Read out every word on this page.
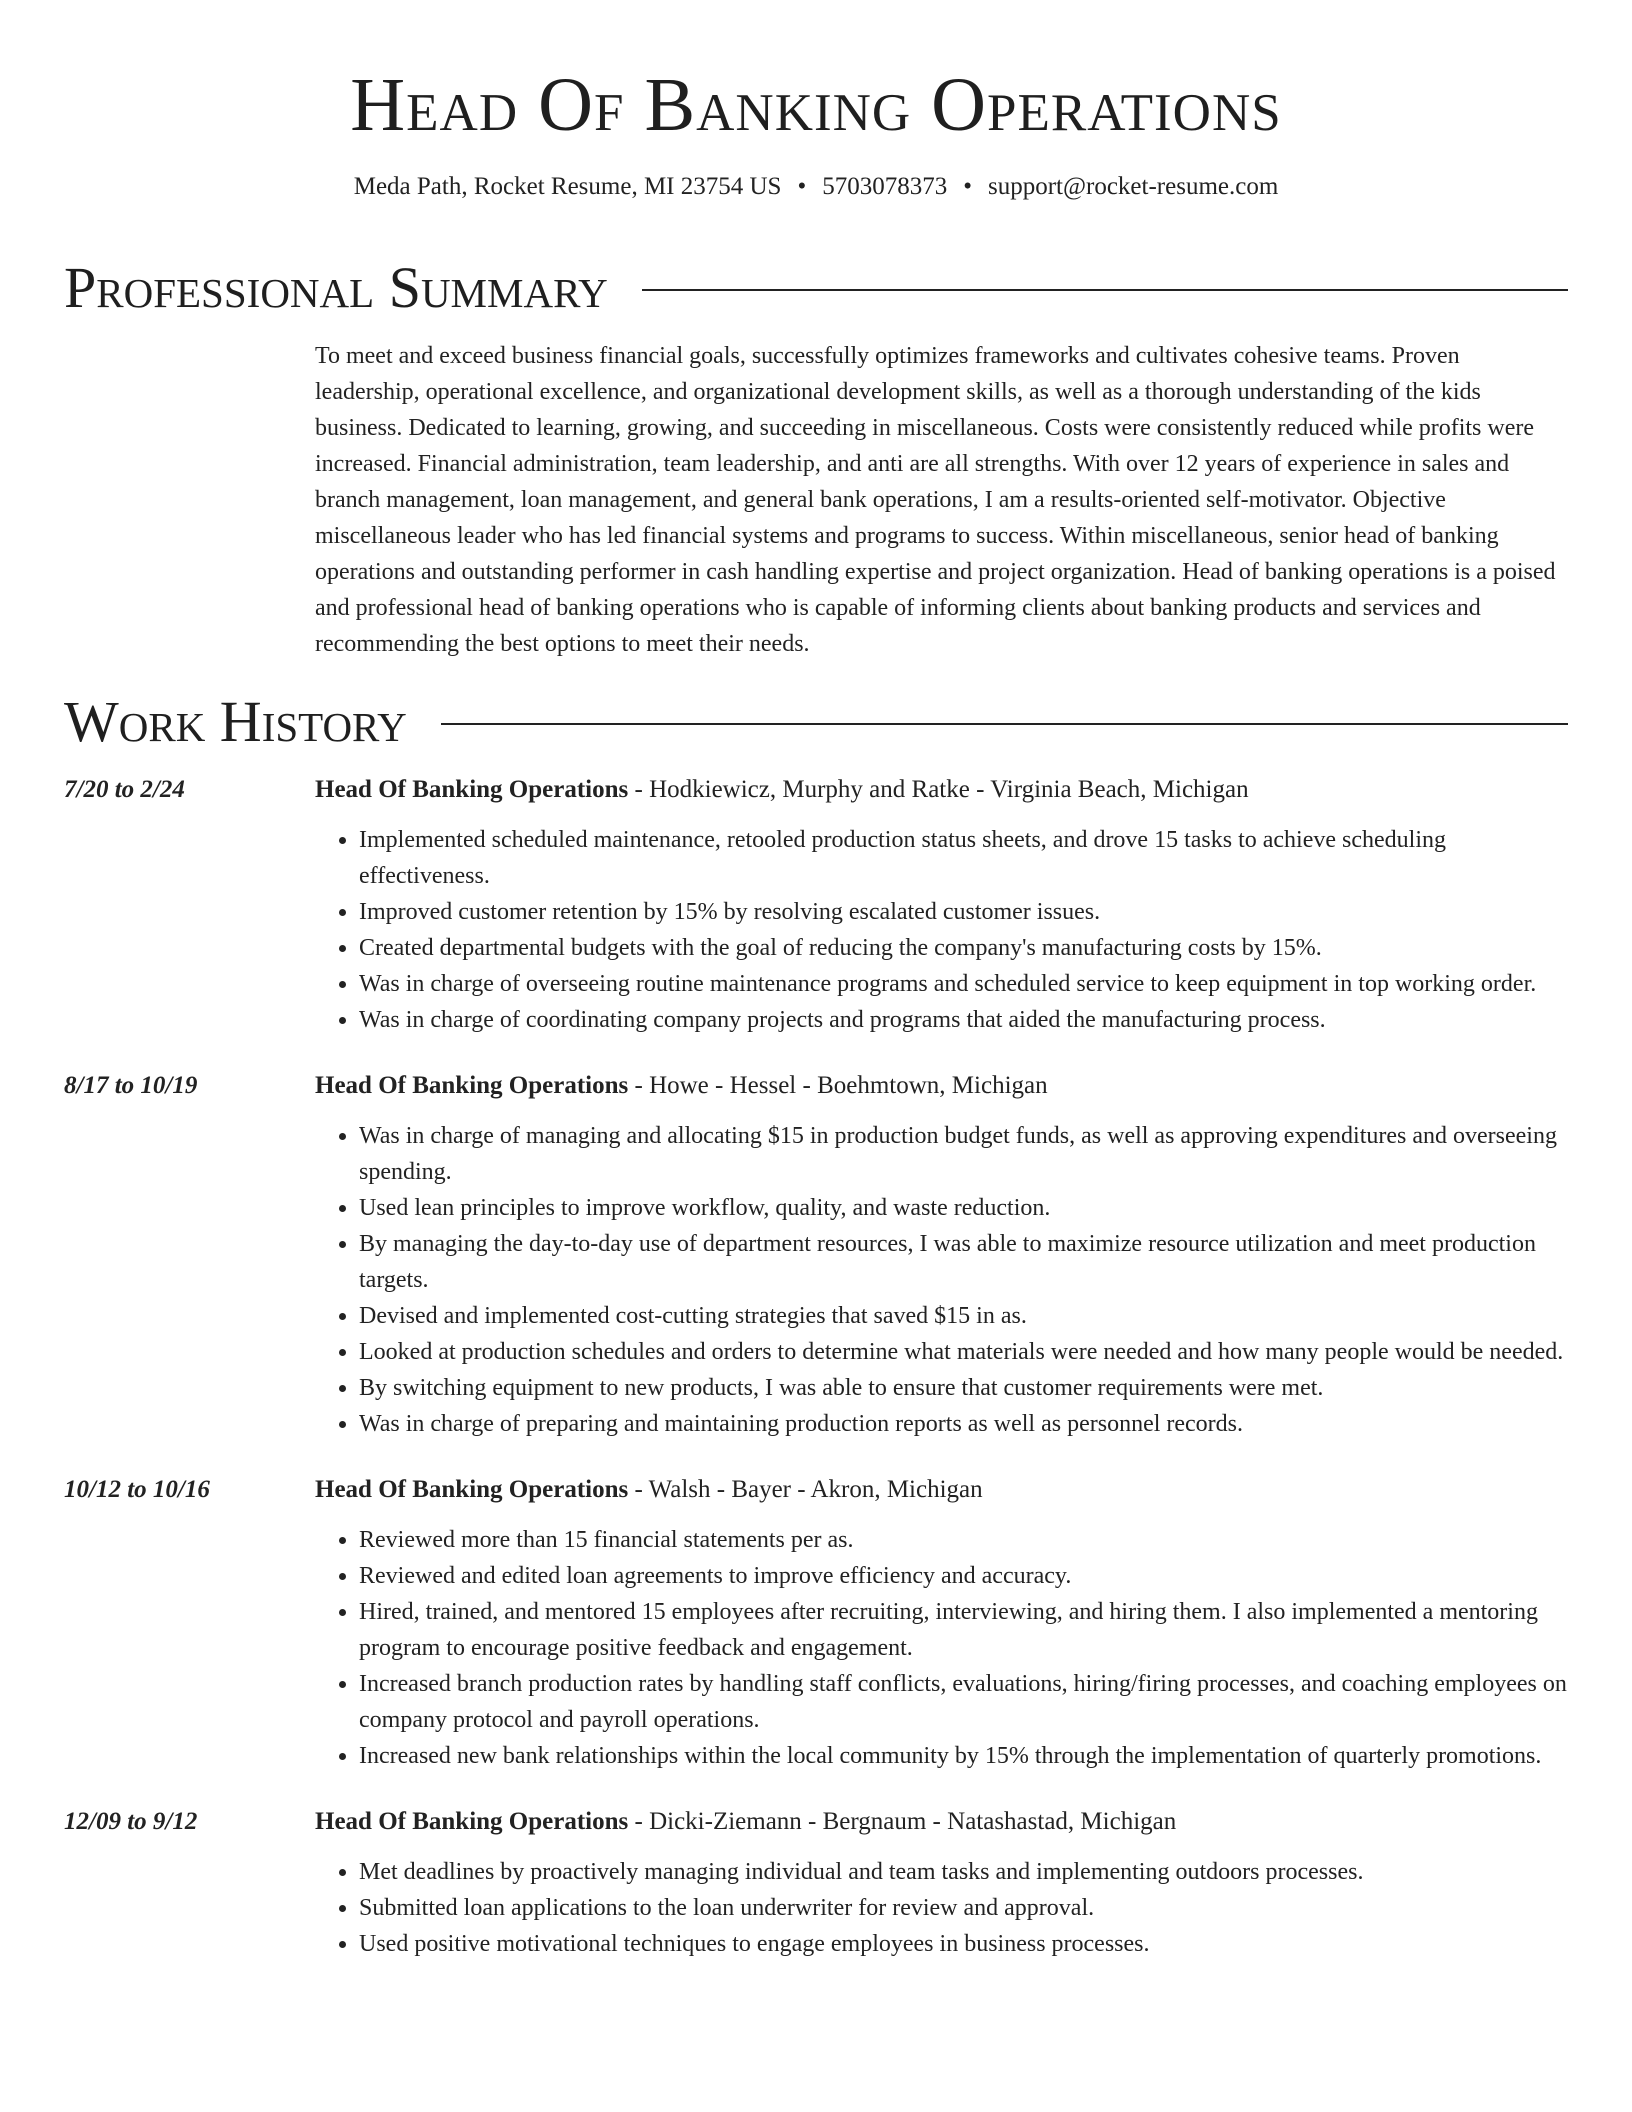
Head Of Banking Operations
Meda Path, Rocket Resume, MI 23754 US • 5703078373 • support@rocket-resume.com
Professional Summary

To meet and exceed business financial goals, successfully optimizes frameworks and cultivates cohesive teams. Proven leadership, operational excellence, and organizational development skills, as well as a thorough understanding of the kids business. Dedicated to learning, growing, and succeeding in miscellaneous. Costs were consistently reduced while profits were increased. Financial administration, team leadership, and anti are all strengths. With over 12 years of experience in sales and branch management, loan management, and general bank operations, I am a results-oriented self-motivator. Objective miscellaneous leader who has led financial systems and programs to success. Within miscellaneous, senior head of banking operations and outstanding performer in cash handling expertise and project organization. Head of banking operations is a poised and professional head of banking operations who is capable of informing clients about banking products and services and recommending the best options to meet their needs.

Work History
7/20 to 2/24	Head Of Banking Operations - Hodkiewicz, Murphy and Ratke - Virginia Beach, Michigan
• Implemented scheduled maintenance, retooled production status sheets, and drove 15 tasks to achieve scheduling effectiveness.
• Improved customer retention by 15% by resolving escalated customer issues.
• Created departmental budgets with the goal of reducing the company's manufacturing costs by 15%.
• Was in charge of overseeing routine maintenance programs and scheduled service to keep equipment in top working order.
• Was in charge of coordinating company projects and programs that aided the manufacturing process.
8/17 to 10/19	Head Of Banking Operations - Howe - Hessel - Boehmtown, Michigan
• Was in charge of managing and allocating $15 in production budget funds, as well as approving expenditures and overseeing spending.
• Used lean principles to improve workflow, quality, and waste reduction.
• By managing the day-to-day use of department resources, I was able to maximize resource utilization and meet production targets.
• Devised and implemented cost-cutting strategies that saved $15 in as.
• Looked at production schedules and orders to determine what materials were needed and how many people would be needed.
• By switching equipment to new products, I was able to ensure that customer requirements were met.
• Was in charge of preparing and maintaining production reports as well as personnel records.
10/12 to 10/16	Head Of Banking Operations - Walsh - Bayer - Akron, Michigan
• Reviewed more than 15 financial statements per as.
• Reviewed and edited loan agreements to improve efficiency and accuracy.
• Hired, trained, and mentored 15 employees after recruiting, interviewing, and hiring them. I also implemented a mentoring program to encourage positive feedback and engagement.
• Increased branch production rates by handling staff conflicts, evaluations, hiring/firing processes, and coaching employees on company protocol and payroll operations.
• Increased new bank relationships within the local community by 15% through the implementation of quarterly promotions.
12/09 to 9/12	Head Of Banking Operations - Dicki-Ziemann - Bergnaum - Natashastad, Michigan
• Met deadlines by proactively managing individual and team tasks and implementing outdoors processes.
• Submitted loan applications to the loan underwriter for review and approval.
• Used positive motivational techniques to engage employees in business processes.
